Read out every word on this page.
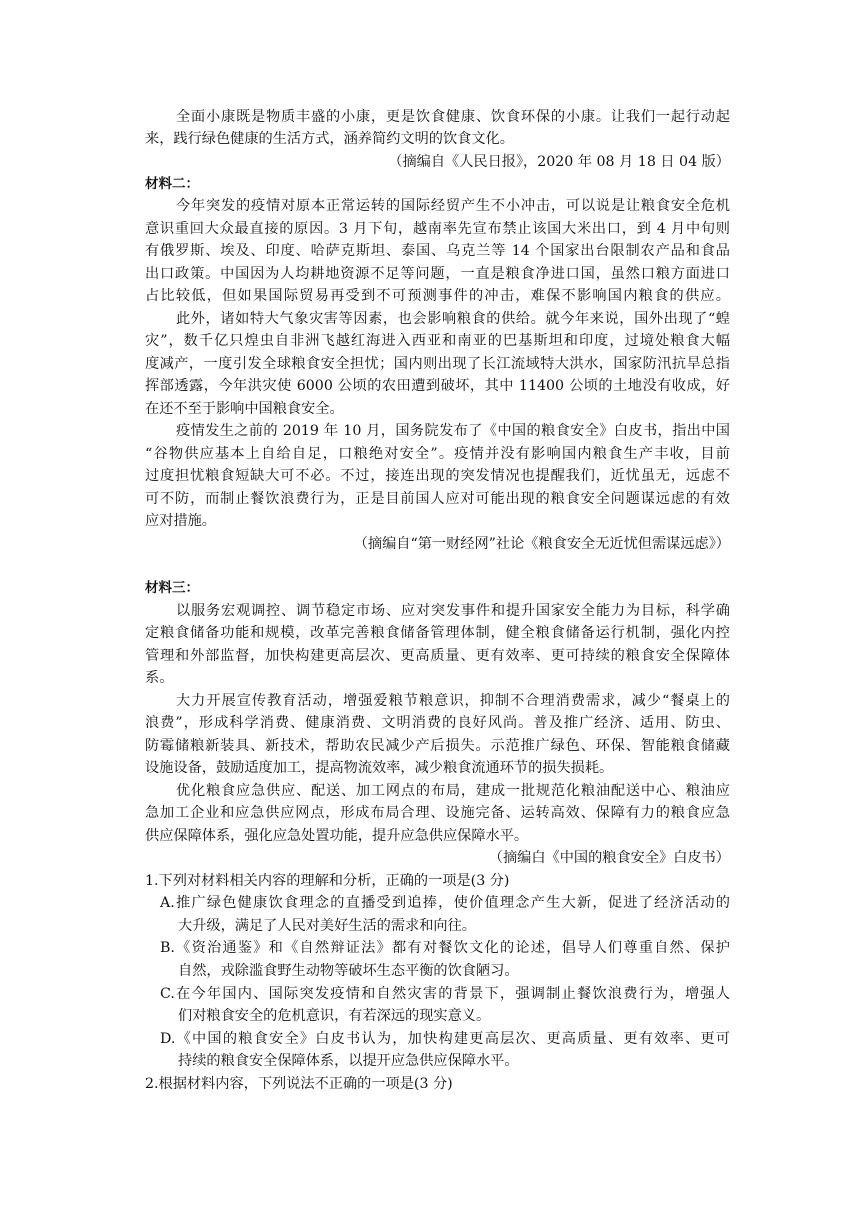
全面小康既是物质丰盛的小康，更是饮食健康、饮食环保的小康。让我们一起行动起
来，践行绿色健康的生活方式，涵养简约文明的饮食文化。
（摘编自《人民日报》，2020 年 08 月 18 日 04 版）
材料二：
今年突发的疫情对原本正常运转的国际经贸产生不小冲击，可以说是让粮食安全危机
意识重回大众最直接的原因。3 月下旬，越南率先宣布禁止该国大米出口，到 4 月中旬则
有俄罗斯、埃及、印度、哈萨克斯坦、泰国、乌克兰等 14 个国家出台限制农产品和食品
出口政策。中国因为人均耕地资源不足等问题，一直是粮食净进口国，虽然口粮方面进口
占比较低，但如果国际贸易再受到不可预测事件的冲击，难保不影响国内粮食的供应。
此外，诸如特大气象灾害等因素，也会影响粮食的供给。就今年来说，国外出现了“蝗
灾”，数千亿只煌虫自非洲飞越红海进入西亚和南亚的巴基斯坦和印度，过境处粮食大幅
度减产，一度引发全球粮食安全担忧；国内则出现了长江流域特大洪水，国家防汛抗旱总指
挥部透露，今年洪灾使 6000 公顷的农田遭到破坏，其中 11400 公顷的土地没有收成，好
在还不至于影响中国粮食安全。
疫情发生之前的 2019 年 10 月，国务院发布了《中国的粮食安全》白皮书，指出中国
“谷物供应基本上自给自足，口粮绝对安全”。疫情并没有影响国内粮食生产丰收，目前
过度担忧粮食短缺大可不必。不过，接连出现的突发情况也提醒我们，近忧虽无，远虑不
可不防，而制止餐饮浪费行为，正是目前国人应对可能出现的粮食安全问题谋远虑的有效
应对措施。
（摘编自“第一财经网”社论《粮食安全无近忧但需谋远虑》）
材料三：
以服务宏观调控、调节稳定市场、应对突发事件和提升国家安全能力为目标，科学确
定粮食储备功能和规模，改革完善粮食储备管理体制，健全粮食储备运行机制，强化内控
管理和外部监督，加快构建更高层次、更高质量、更有效率、更可持续的粮食安全保障体
系。
大力开展宣传教育活动，增强爱粮节粮意识，抑制不合理消费需求，减少“餐桌上的
浪费”，形成科学消费、健康消费、文明消费的良好风尚。普及推广经济、适用、防虫、
防霉储粮新装具、新技术，帮助农民减少产后损失。示范推广绿色、环保、智能粮食储藏
设施设备，鼓励适度加工，提高物流效率，减少粮食流通环节的损失损耗。
优化粮食应急供应、配送、加工网点的布局，建成一批规范化粮油配送中心、粮油应
急加工企业和应急供应网点，形成布局合理、设施完备、运转高效、保障有力的粮食应急
供应保障体系，强化应急处置功能，提升应急供应保障水平。
（摘编白《中国的粮食安全》白皮书）
1.下列对材料相关内容的理解和分析，正确的一项是(3 分)
A.推广绿色健康饮食理念的直播受到追捧，使价值理念产生大新，促进了经济活动的
大升级，满足了人民对美好生活的需求和向往。
B.《资治通鉴》和《自然辩证法》都有对餐饮文化的论述，倡导人们尊重自然、保护
自然，戎除滥食野生动物等破坏生态平衡的饮食陋习。
C.在今年国内、国际突发疫情和自然灾害的背景下，强调制止餐饮浪费行为，增强人
们对粮食安全的危机意识，有若深远的现实意义。
D.《中国的粮食安全》白皮书认为，加快构建更高层次、更高质量、更有效率、更可
持续的粮食安全保障体系，以提开应急供应保障水平。
2.根据材料内容，下列说法不正确的一项是(3 分)
